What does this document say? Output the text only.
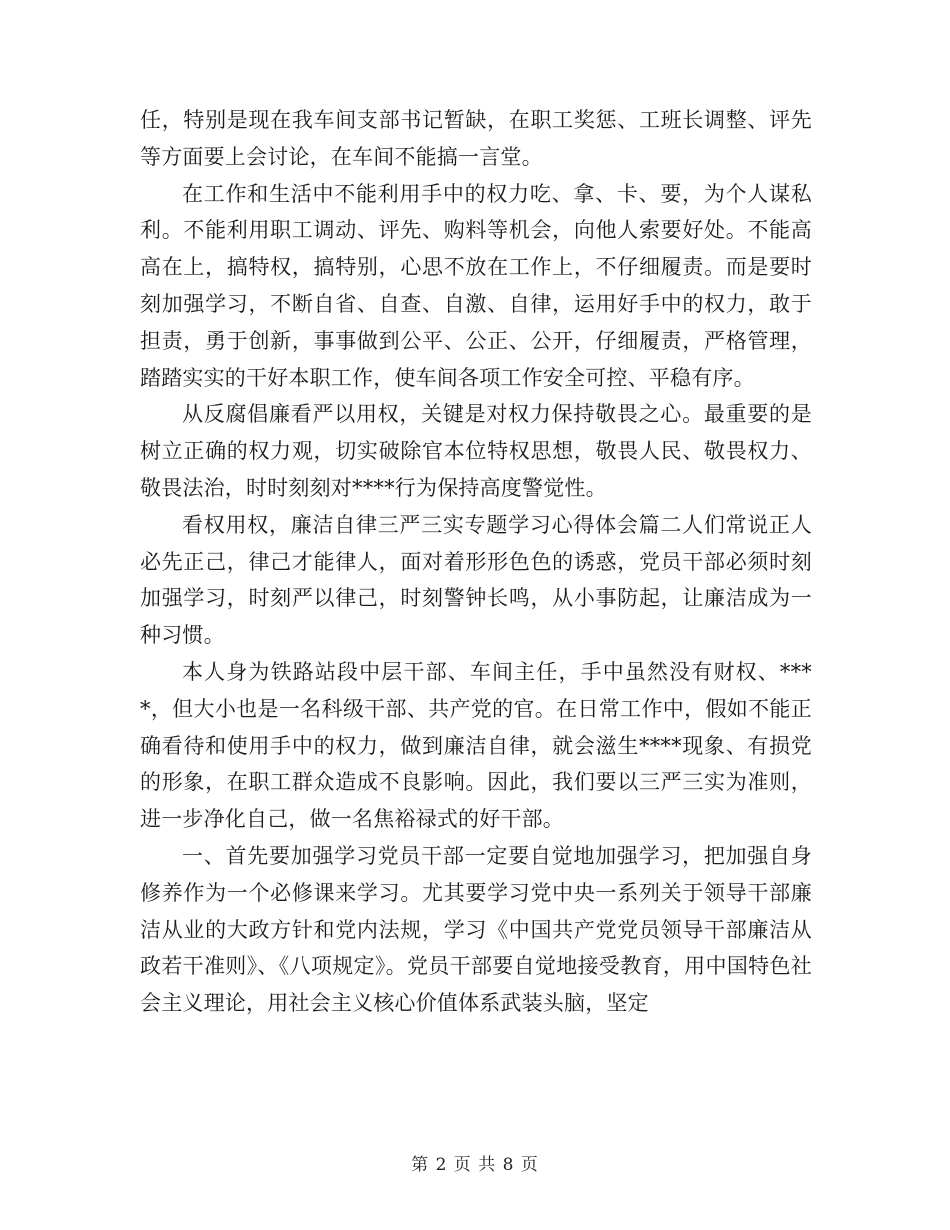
任，特别是现在我车间支部书记暂缺，在职工奖惩、工班长调整、评先等方面要上会讨论，在车间不能搞一言堂。

在工作和生活中不能利用手中的权力吃、拿、卡、要，为个人谋私利。不能利用职工调动、评先、购料等机会，向他人索要好处。不能高高在上，搞特权，搞特别，心思不放在工作上，不仔细履责。而是要时刻加强学习，不断自省、自查、自激、自律，运用好手中的权力，敢于担责，勇于创新，事事做到公平、公正、公开，仔细履责，严格管理，踏踏实实的干好本职工作，使车间各项工作安全可控、平稳有序。

从反腐倡廉看严以用权，关键是对权力保持敬畏之心。最重要的是树立正确的权力观，切实破除官本位特权思想，敬畏人民、敬畏权力、敬畏法治，时时刻刻对****行为保持高度警觉性。

看权用权，廉洁自律三严三实专题学习心得体会篇二人们常说正人必先正己，律己才能律人，面对着形形色色的诱惑，党员干部必须时刻加强学习，时刻严以律己，时刻警钟长鸣，从小事防起，让廉洁成为一种习惯。

本人身为铁路站段中层干部、车间主任，手中虽然没有财权、****，但大小也是一名科级干部、共产党的官。在日常工作中，假如不能正确看待和使用手中的权力，做到廉洁自律，就会滋生****现象、有损党的形象，在职工群众造成不良影响。因此，我们要以三严三实为准则，进一步净化自己，做一名焦裕禄式的好干部。

一、首先要加强学习党员干部一定要自觉地加强学习，把加强自身修养作为一个必修课来学习。尤其要学习党中央一系列关于领导干部廉洁从业的大政方针和党内法规，学习《中国共产党党员领导干部廉洁从政若干准则》、《八项规定》。党员干部要自觉地接受教育，用中国特色社会主义理论，用社会主义核心价值体系武装头脑，坚定

第 2 页 共 8 页
